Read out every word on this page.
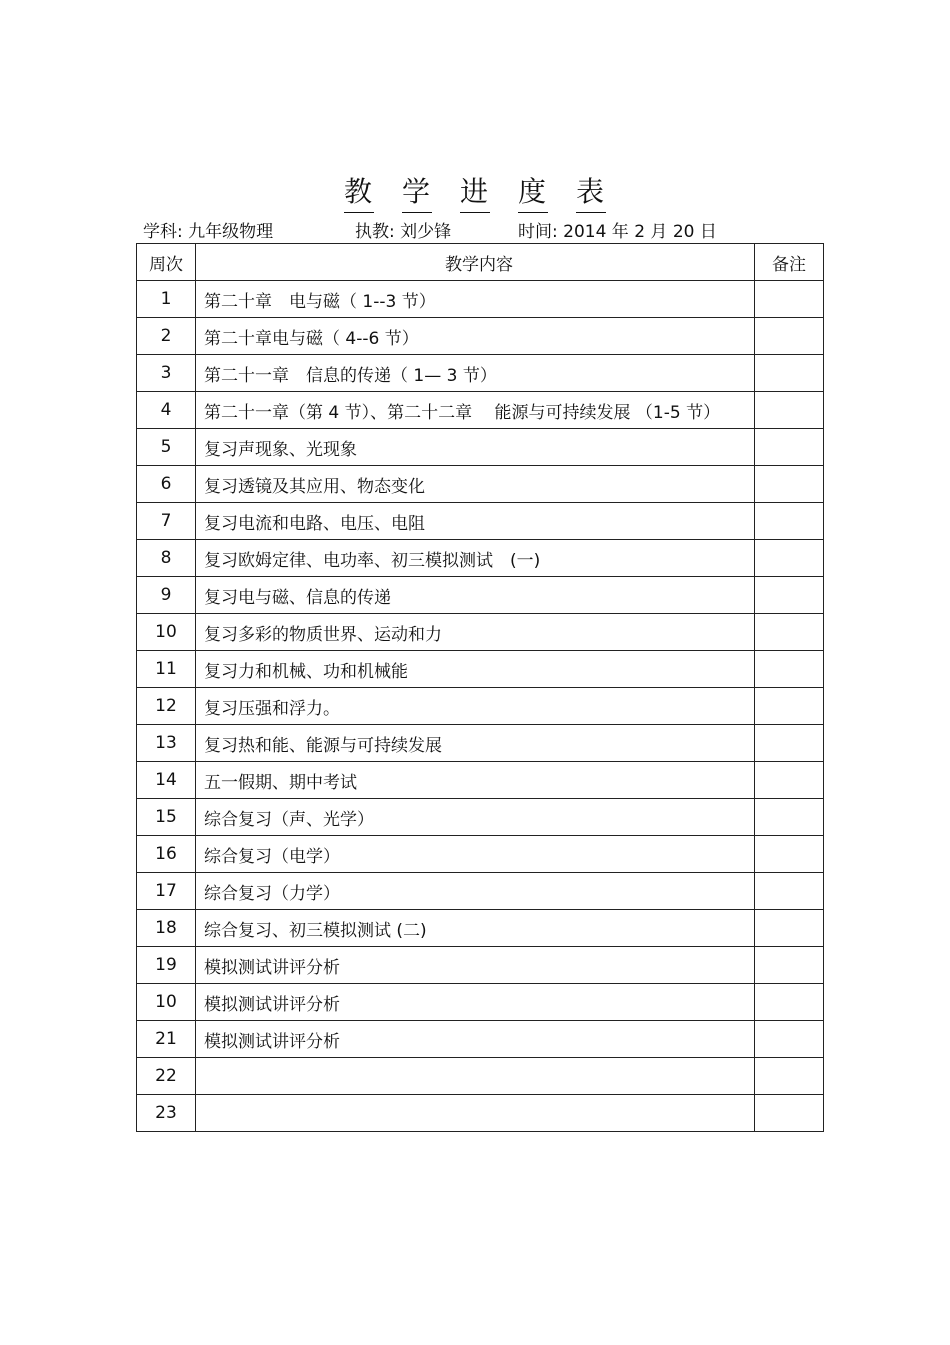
教 学 进 度 表
学科: 九年级物理	执教: 刘少锋	时间: 2014 年 2 月 20 日
周次	教学内容	备注
1	第二十章　电与磁（ 1--3 节）	
2	第二十章电与磁（ 4--6 节）	
3	第二十一章　信息的传递（ 1— 3 节）	
4	第二十一章（第 4 节）、第二十二章　 能源与可持续发展 （1-5 节）	
5	复习声现象、光现象	
6	复习透镜及其应用、物态变化	
7	复习电流和电路、电压、电阻	
8	复习欧姆定律、电功率、初三模拟测试　(一)	
9	复习电与磁、信息的传递	
10	复习多彩的物质世界、运动和力	
11	复习力和机械、功和机械能	
12	复习压强和浮力。	
13	复习热和能、能源与可持续发展	
14	五一假期、期中考试	
15	综合复习（声、光学）	
16	综合复习（电学）	
17	综合复习（力学）	
18	综合复习、初三模拟测试 (二)	
19	模拟测试讲评分析	
10	模拟测试讲评分析	
21	模拟测试讲评分析	
22		
23		
